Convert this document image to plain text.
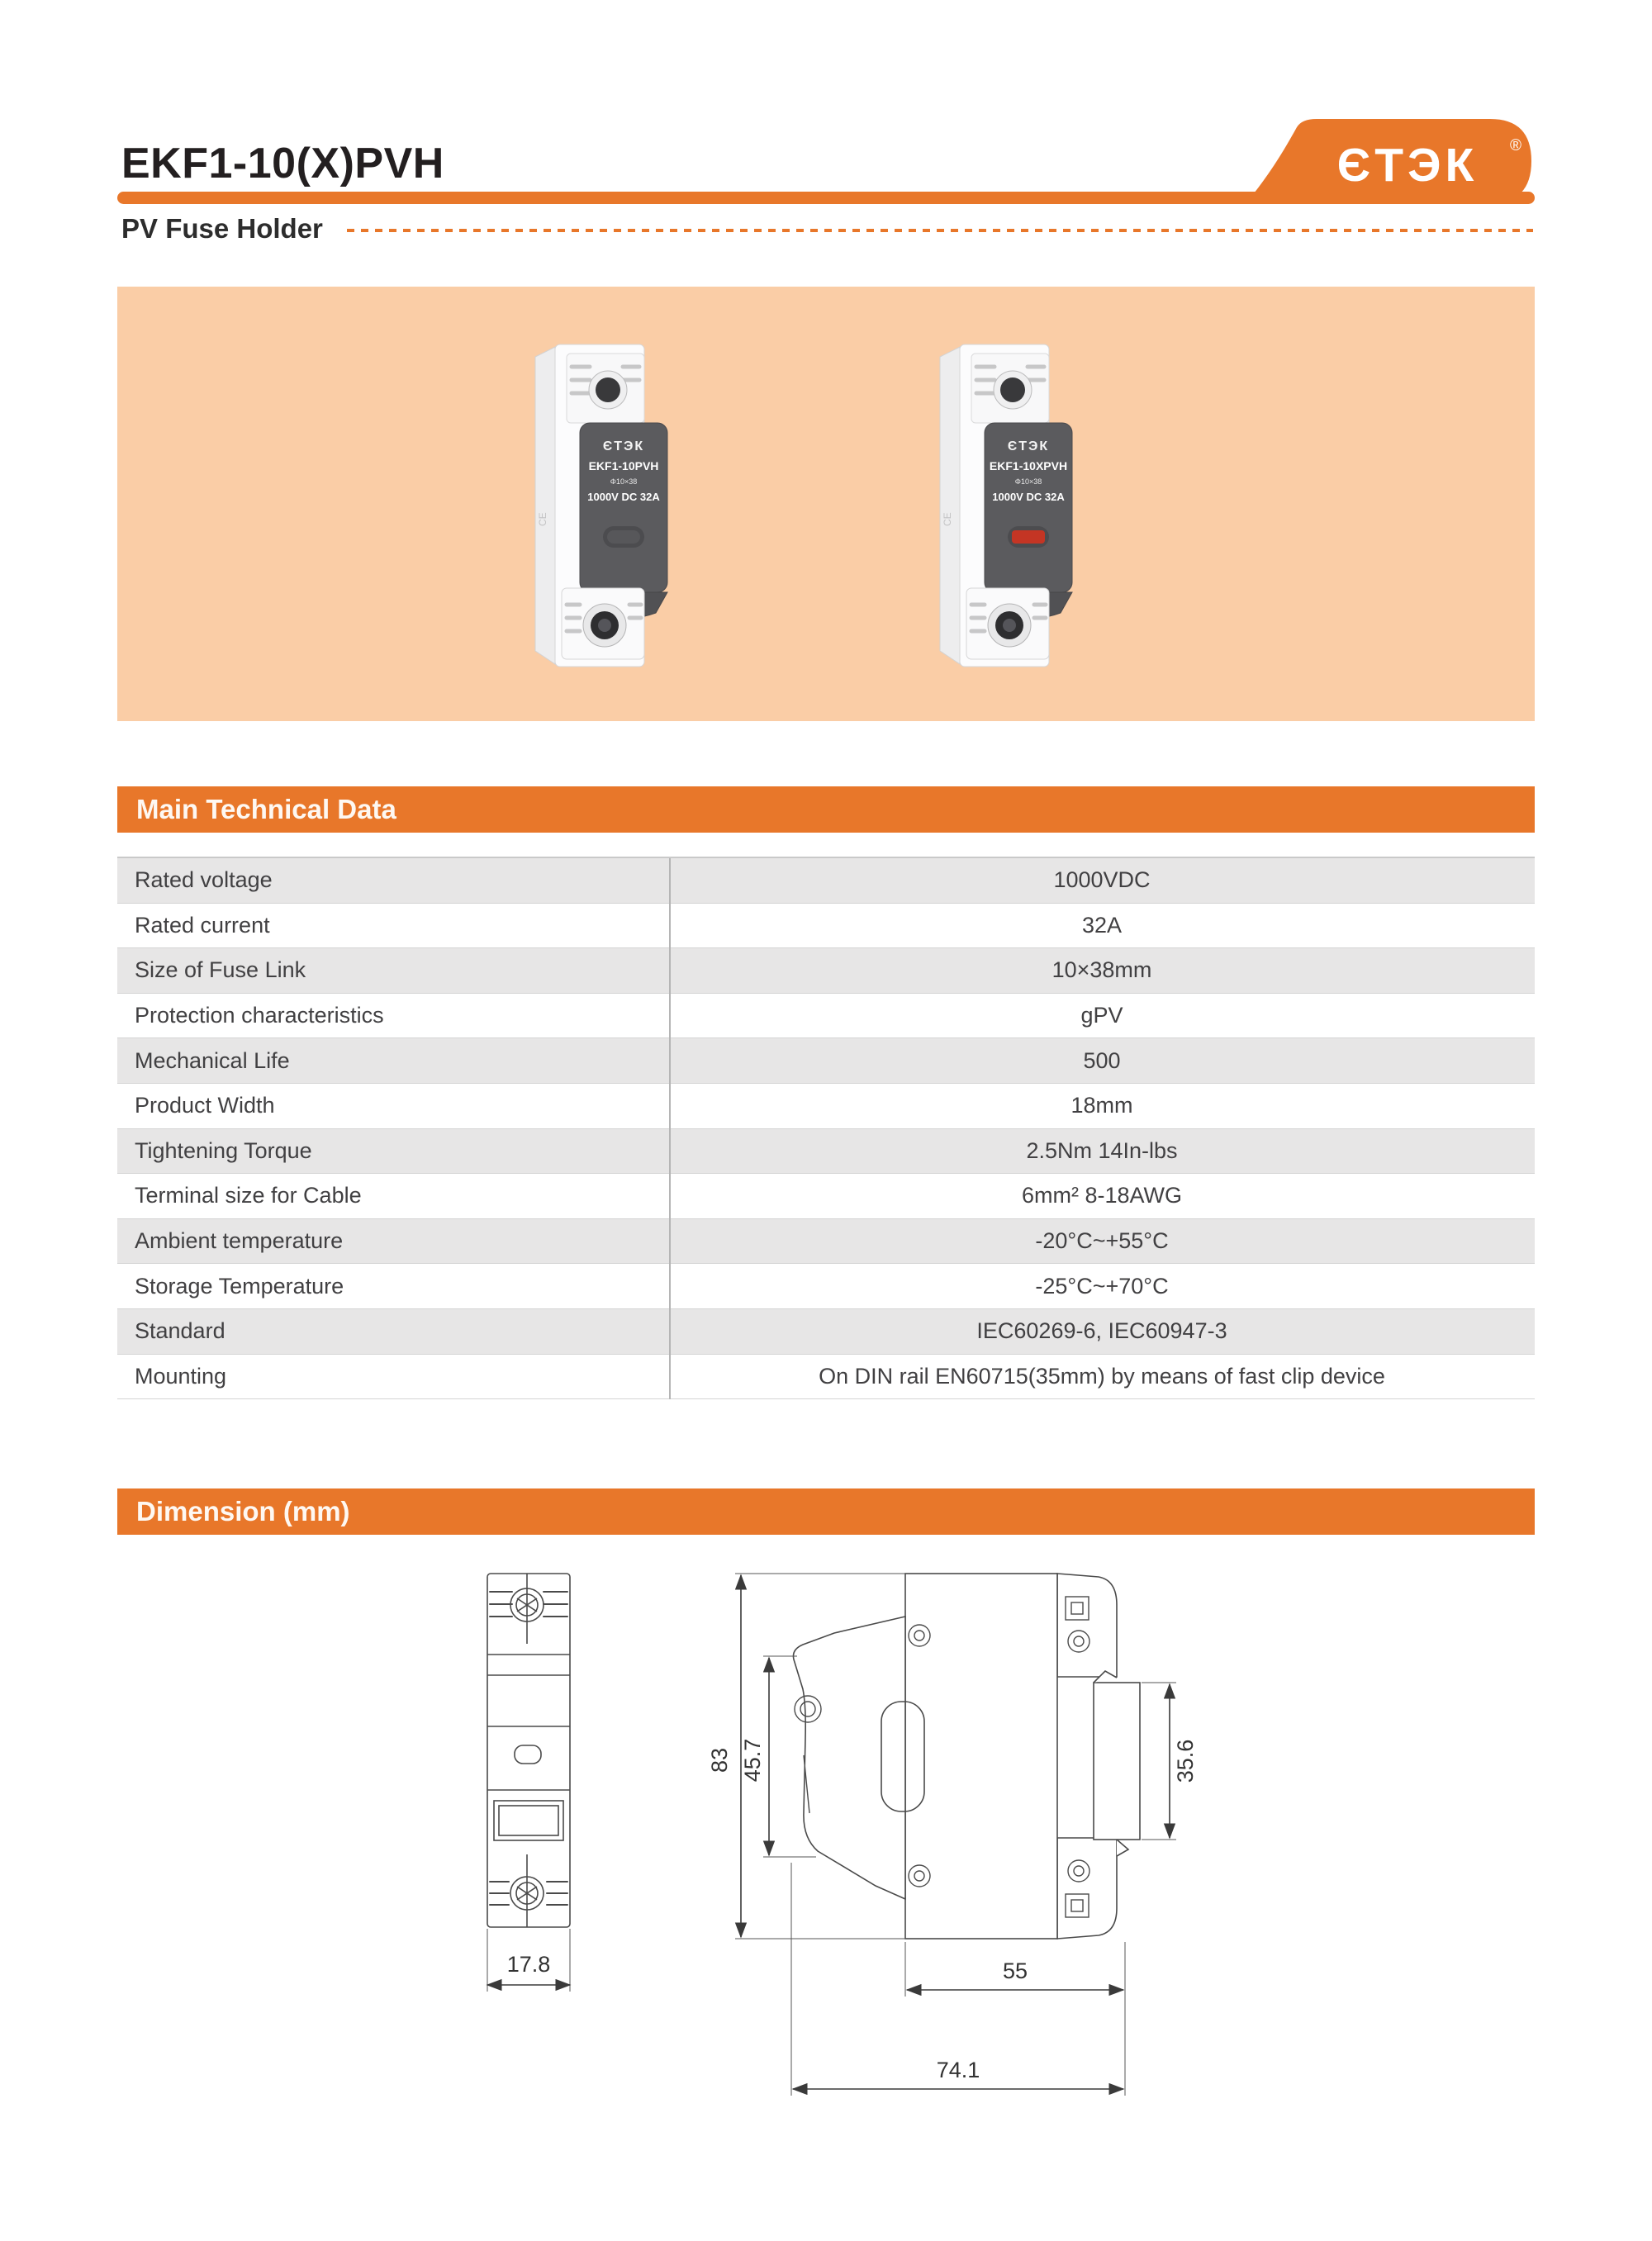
EKF1-10(X)PVH	ЄТЭК ®
PV Fuse Holder
CE
ЄТЭК
EKF1-10PVH
Φ10×38
1000V DC 32A
CE
ЄТЭК
EKF1-10XPVH
Φ10×38
1000V DC 32A
Main Technical Data
Rated voltage	1000VDC
Rated current	32A
Size of Fuse Link	10×38mm
Protection characteristics	gPV
Mechanical Life	500
Product Width	18mm
Tightening Torque	2.5Nm 14In-lbs
Terminal size for Cable	6mm² 8-18AWG
Ambient temperature	-20°C~+55°C
Storage Temperature	-25°C~+70°C
Standard	IEC60269-6, IEC60947-3
Mounting	On DIN rail EN60715(35mm) by means of fast clip device
Dimension (mm)
17.8
83 45.7	35.6
55
74.1
